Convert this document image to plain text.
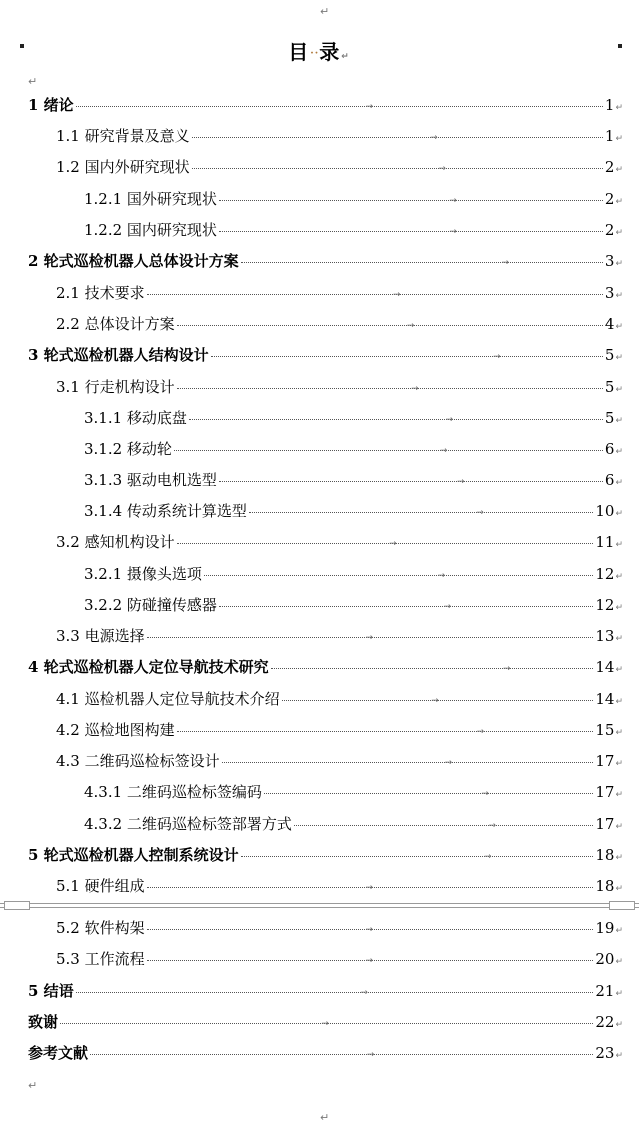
↵
目··录↵
↵
1 绪论	→	1 ↵
1.1 研究背景及意义	→	1 ↵
1.2 国内外研究现状	→	2 ↵
1.2.1 国外研究现状	→	2 ↵
1.2.2 国内研究现状	→	2 ↵
2 轮式巡检机器人总体设计方案	→	3 ↵
2.1 技术要求	→	3 ↵
2.2 总体设计方案	→	4 ↵
3 轮式巡检机器人结构设计	→	5 ↵
3.1 行走机构设计	→	5 ↵
3.1.1 移动底盘	→	5 ↵
3.1.2 移动轮	→	6 ↵
3.1.3 驱动电机选型	→	6 ↵
3.1.4 传动系统计算选型	→	10 ↵
3.2 感知机构设计	→	11 ↵
3.2.1 摄像头选项	→	12 ↵
3.2.2 防碰撞传感器	→	12 ↵
3.3 电源选择	→	13 ↵
4 轮式巡检机器人定位导航技术研究	→	14 ↵
4.1 巡检机器人定位导航技术介绍	→	14 ↵
4.2 巡检地图构建	→	15 ↵
4.3 二维码巡检标签设计	→	17 ↵
4.3.1 二维码巡检标签编码	→	17 ↵
4.3.2 二维码巡检标签部署方式	→	17 ↵
5 轮式巡检机器人控制系统设计	→	18 ↵
5.1 硬件组成	→	18 ↵
5.2 软件构架	→	19 ↵
5.3 工作流程	→	20 ↵
5 结语	→	21 ↵
致谢	→	22 ↵
参考文献	→	23 ↵
↵
↵
